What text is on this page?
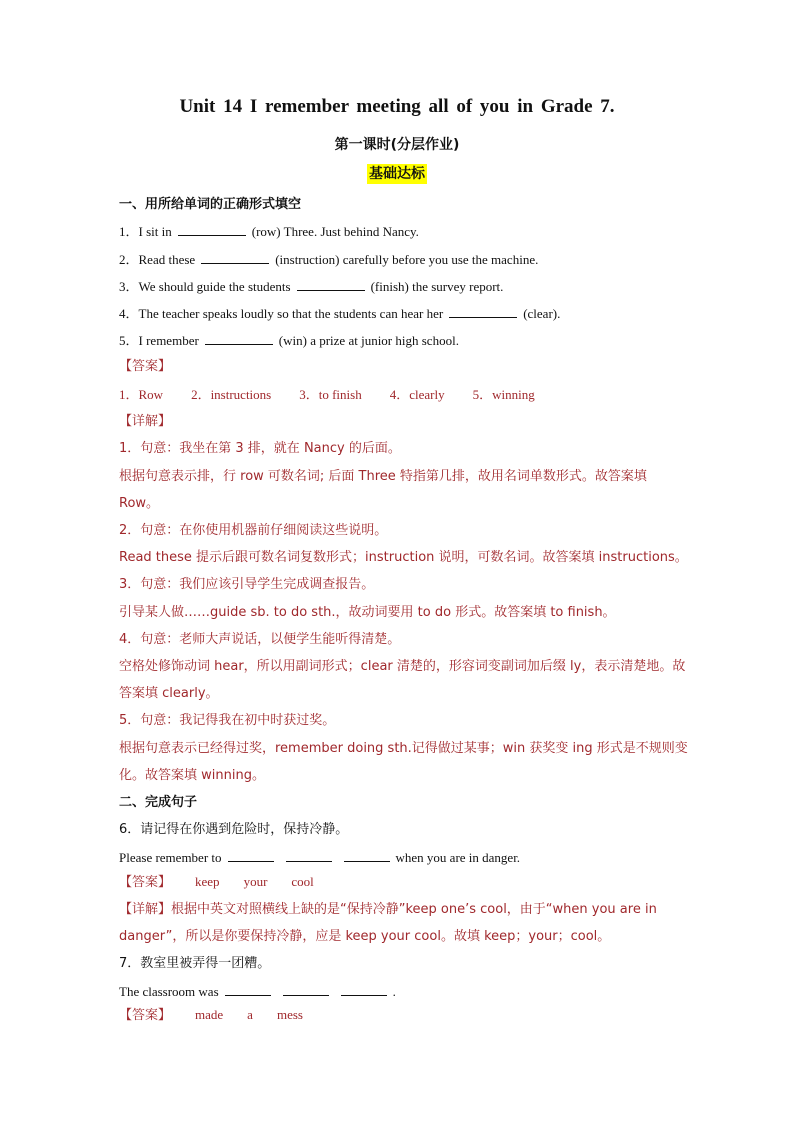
Unit 14 I remember meeting all of you in Grade 7.
第一课时(分层作业)
基础达标
一、用所给单词的正确形式填空
1．I sit in	(row) Three. Just behind Nancy.
2．Read these	(instruction) carefully before you use the machine.
3．We should guide the students	(finish) the survey report.
4．The teacher speaks loudly so that the students can hear her	(clear).
5．I remember	(win) a prize at junior high school.
【答案】
1．Row 2．instructions 3．to finish 4．clearly 5．winning
【详解】
1．句意：我坐在第 3 排，就在 Nancy 的后面。
根据句意表示排，行 row 可数名词; 后面 Three 特指第几排，故用名词单数形式。故答案填 Row。
2．句意：在你使用机器前仔细阅读这些说明。
Read these 提示后跟可数名词复数形式；instruction 说明，可数名词。故答案填 instructions。
3．句意：我们应该引导学生完成调查报告。
引导某人做……guide sb. to do sth.，故动词要用 to do 形式。故答案填 to finish。
4．句意：老师大声说话，以便学生能听得清楚。
空格处修饰动词 hear，所以用副词形式；clear 清楚的，形容词变副词加后缀 ly，表示清楚地。故答案填 clearly。
5．句意：我记得我在初中时获过奖。
根据句意表示已经得过奖，remember doing sth.记得做过某事；win 获奖变 ing 形式是不规则变化。故答案填 winning。
二、完成句子
6．请记得在你遇到危险时，保持冷静。
Please remember to	when you are in danger.
【答案】 keep your cool
【详解】根据中英文对照横线上缺的是“保持冷静”keep one’s cool，由于“when you are in danger”，所以是你要保持冷静，应是 keep your cool。故填 keep；your；cool。
7．教室里被弄得一团糟。
The classroom was	.
【答案】 made a mess
